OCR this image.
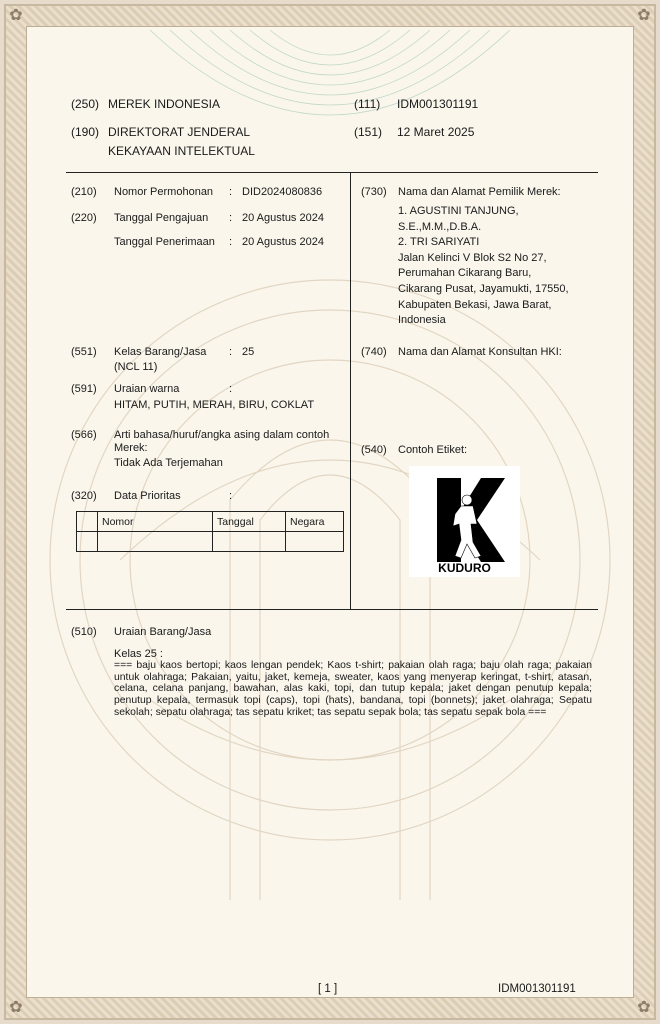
✿	✿
✿	✿
(250) MEREK INDONESIA	(111) IDM001301191
(190) DIREKTORAT JENDERAL
KEKAYAAN INTELEKTUAL
(151) 12 Maret 2025
(210) Nomor Permohonan : DID2024080836
(220) Tanggal Pengajuan : 20 Agustus 2024
Tanggal Penerimaan : 20 Agustus 2024
(730) Nama dan Alamat Pemilik Merek:
1. AGUSTINI TANJUNG,
S.E.,M.M.,D.B.A.
2. TRI SARIYATI
Jalan Kelinci V Blok S2 No 27,
Perumahan Cikarang Baru,
Cikarang Pusat, Jayamukti, 17550,
Kabupaten Bekasi, Jawa Barat,
Indonesia
(551) Kelas Barang/Jasa : 25
(NCL 11)
(591) Uraian warna	:
HITAM, PUTIH, MERAH, BIRU, COKLAT
(566) Arti bahasa/huruf/angka asing dalam contoh
Merek:
Tidak Ada Terjemahan
(320) Data Prioritas	:
	Nomor	Tanggal	Negara

(740) Nama dan Alamat Konsultan HKI:
(540) Contoh Etiket:
KUDURO
(510) Uraian Barang/Jasa
Kelas 25 :
=== baju kaos bertopi; kaos lengan pendek; Kaos t-shirt; pakaian olah raga; baju olah raga; pakaian untuk olahraga; Pakaian, yaitu, jaket, kemeja, sweater, kaos yang menyerap keringat, t-shirt, atasan, celana, celana panjang, bawahan, alas kaki, topi, dan tutup kepala; jaket dengan penutup kepala; penutup kepala, termasuk topi (caps), topi (hats), bandana, topi (bonnets); jaket olahraga; Sepatu sekolah; sepatu olahraga; tas sepatu kriket; tas sepatu sepak bola; tas sepatu sepak bola ===
[ 1 ]	IDM001301191
